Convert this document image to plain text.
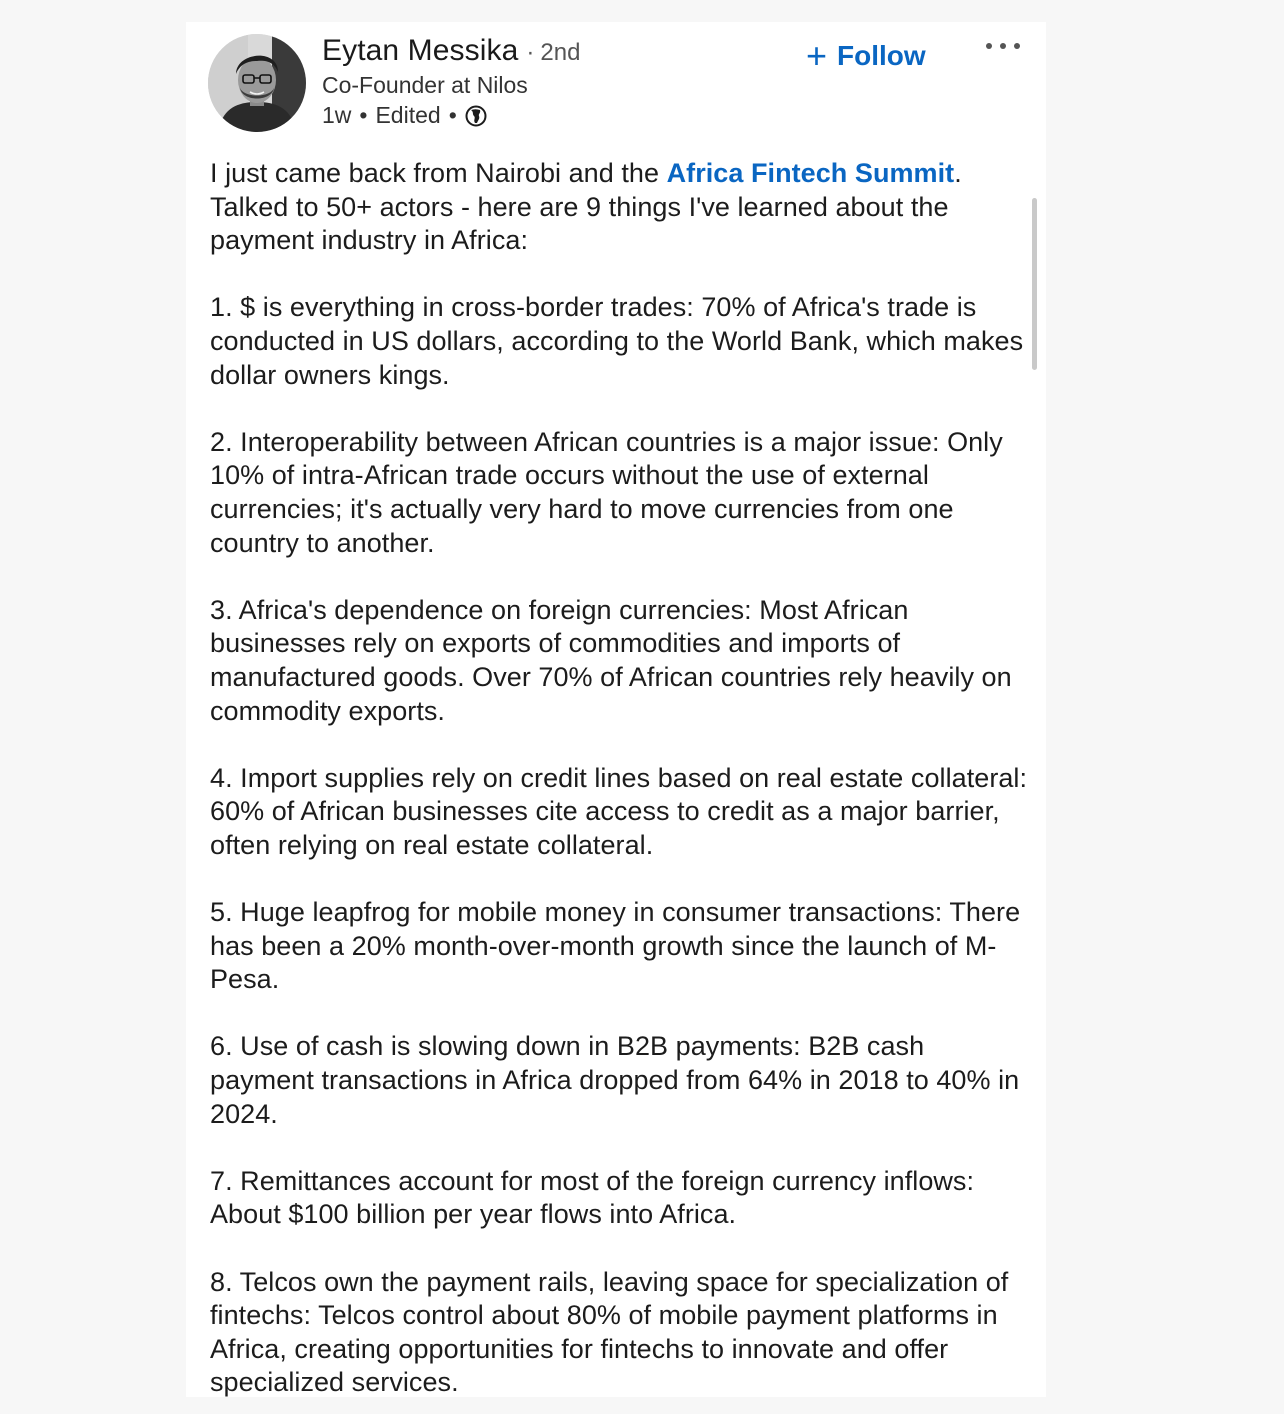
Eytan Messika · 2nd
Co-Founder at Nilos
1w • Edited •
+ Follow

I just came back from Nairobi and the Africa Fintech Summit. Talked to 50+ actors - here are 9 things I've learned about the payment industry in Africa:

1. $ is everything in cross-border trades: 70% of Africa's trade is conducted in US dollars, according to the World Bank, which makes dollar owners kings.

2. Interoperability between African countries is a major issue: Only 10% of intra-African trade occurs without the use of external currencies; it's actually very hard to move currencies from one country to another.

3. Africa's dependence on foreign currencies: Most African businesses rely on exports of commodities and imports of manufactured goods. Over 70% of African countries rely heavily on commodity exports.

4. Import supplies rely on credit lines based on real estate collateral: 60% of African businesses cite access to credit as a major barrier, often relying on real estate collateral.

5. Huge leapfrog for mobile money in consumer transactions: There has been a 20% month-over-month growth since the launch of M-Pesa.

6. Use of cash is slowing down in B2B payments: B2B cash payment transactions in Africa dropped from 64% in 2018 to 40% in 2024.

7. Remittances account for most of the foreign currency inflows: About $100 billion per year flows into Africa.

8. Telcos own the payment rails, leaving space for specialization of fintechs: Telcos control about 80% of mobile payment platforms in Africa, creating opportunities for fintechs to innovate and offer specialized services.
